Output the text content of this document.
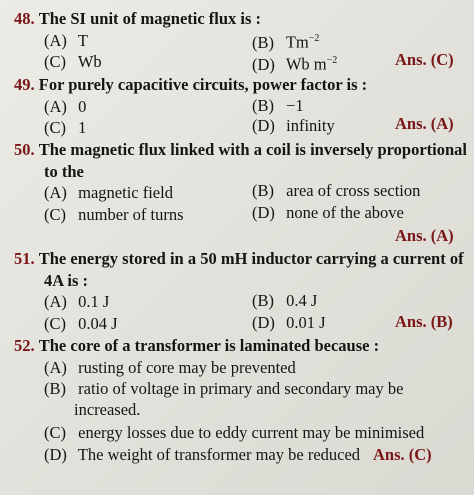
48. The SI unit of magnetic flux is :
(A) T	(B) $Tm^{-2}$
(C) Wb	(D) Wb $m^{-2}$	Ans. (C)
49. For purely capacitive circuits, power factor is :
(A) 0	(B) −1
(C) 1	(D) infinity	Ans. (A)
50. The magnetic flux linked with a coil is inversely proportional
to the
(A) magnetic field	(B) area of cross section
(C) number of turns	(D) none of the above
Ans. (A)
51. The energy stored in a 50 mH inductor carrying a current of
4A is :
(A) 0.1 J	(B) 0.4 J
(C) 0.04 J	(D) 0.01 J	Ans. (B)
52. The core of a transformer is laminated because :
(A) rusting of core may be prevented
(B) ratio of voltage in primary and secondary may be
increased.
(C) energy losses due to eddy current may be minimised
(D) The weight of transformer may be reduced Ans. (C)
